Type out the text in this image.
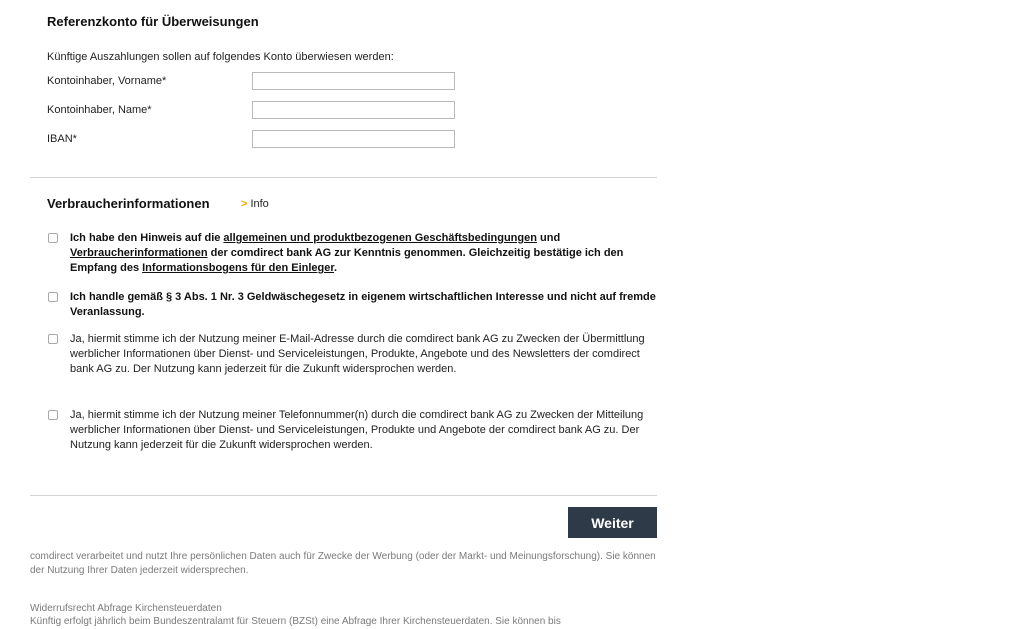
Referenzkonto für Überweisungen
Künftige Auszahlungen sollen auf folgendes Konto überwiesen werden:
Kontoinhaber, Vorname*
Kontoinhaber, Name*
IBAN*
Verbraucherinformationen	> Info
Ich habe den Hinweis auf die allgemeinen und produktbezogenen Geschäftsbedingungen und Verbraucherinformationen der comdirect bank AG zur Kenntnis genommen. Gleichzeitig bestätige ich den Empfang des Informationsbogens für den Einleger.
Ich handle gemäß § 3 Abs. 1 Nr. 3 Geldwäschegesetz in eigenem wirtschaftlichen Interesse und nicht auf fremde Veranlassung.
Ja, hiermit stimme ich der Nutzung meiner E-Mail-Adresse durch die comdirect bank AG zu Zwecken der Übermittlung werblicher Informationen über Dienst- und Serviceleistungen, Produkte, Angebote und des Newsletters der comdirect bank AG zu. Der Nutzung kann jederzeit für die Zukunft widersprochen werden.
Ja, hiermit stimme ich der Nutzung meiner Telefonnummer(n) durch die comdirect bank AG zu Zwecken der Mitteilung werblicher Informationen über Dienst- und Serviceleistungen, Produkte und Angebote der comdirect bank AG zu. Der Nutzung kann jederzeit für die Zukunft widersprochen werden.
Weiter
comdirect verarbeitet und nutzt Ihre persönlichen Daten auch für Zwecke der Werbung (oder der Markt- und Meinungsforschung). Sie können der Nutzung Ihrer Daten jederzeit widersprechen.
Widerrufsrecht Abfrage Kirchensteuerdaten
Künftig erfolgt jährlich beim Bundeszentralamt für Steuern (BZSt) eine Abfrage Ihrer Kirchensteuerdaten. Sie können bis
